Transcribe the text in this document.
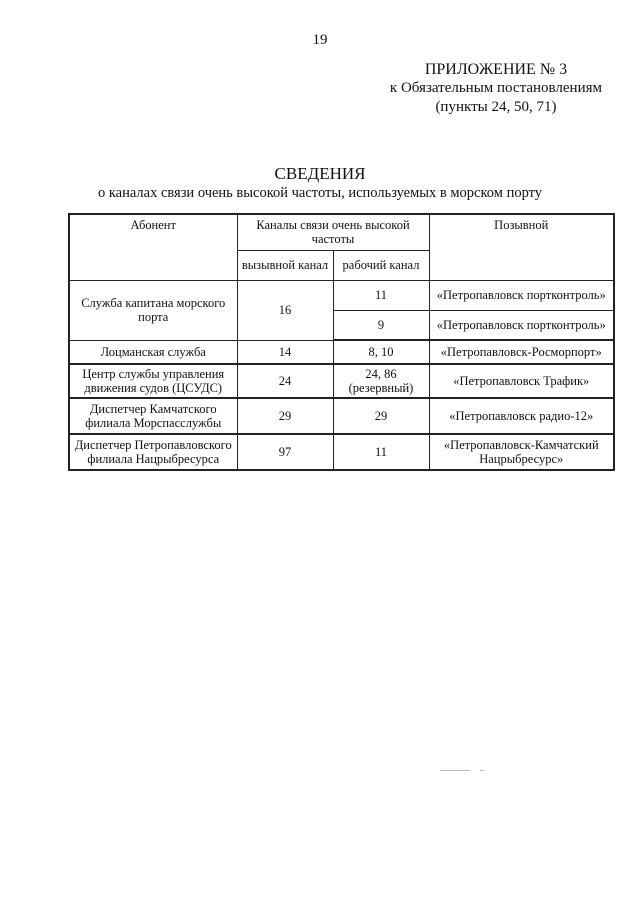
19
ПРИЛОЖЕНИЕ № 3
к Обязательным постановлениям
(пункты 24, 50, 71)
СВЕДЕНИЯ
о каналах связи очень высокой частоты, используемых в морском порту
Абонент	Каналы связи очень высокой частоты		Позывной
	вызывной канал	рабочий канал	
Служба капитана морского порта	16	11	«Петропавловск портконтроль»
		9	«Петропавловск портконтроль»
Лоцманская служба	14	8, 10	«Петропавловск-Росморпорт»
Центр службы управления движения судов (ЦСУДС)	24	24, 86 (резервный)	«Петропавловск Трафик»
Диспетчер Камчатского филиала Морспасслужбы	29	29	«Петропавловск радио-12»
Диспетчер Петропавловского филиала Нацрыбресурса	97	11	«Петропавловск-Камчатский Нацрыбресурс»
